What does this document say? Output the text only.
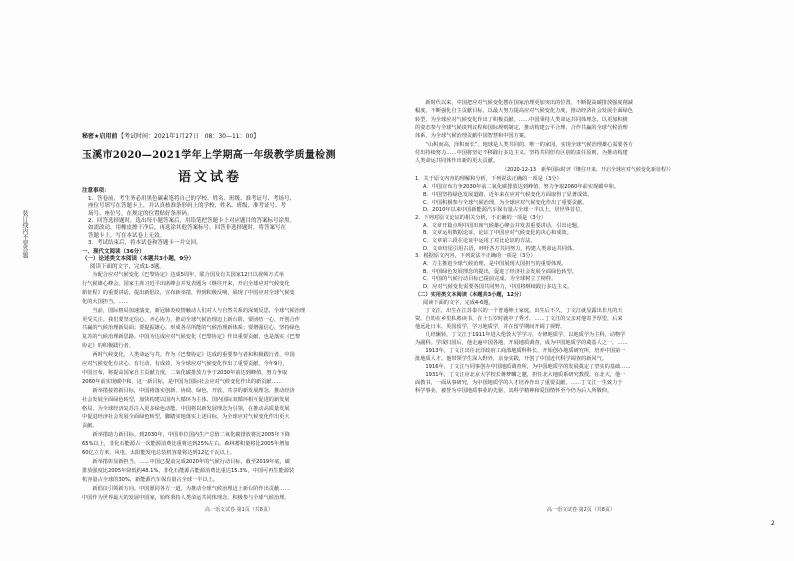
装订线内不要答题
秘密★启用前 【考试时间：2021年1月27日　08：30—11：00】
玉溪市2020—2021学年上学期高一年级教学质量检测
语文试卷
注意事项：
1．答卷前，考生务必用黑色碳素笔将自己的学校、姓名、班级、准考证号、考场号、
座位号填写在答题卡上，并认真核准条形码上的学校、姓名、班级、准考证号、考
场号、座位号，在规定的位置贴好条形码。
2．回答选择题时，选出每小题答案后，用铅笔把答题卡上对应题目的答案标号涂黑。
如需改动，用橡皮擦干净后，再选涂其他答案标号。回答非选择题时，将答案写在
答题卡上，写在本试卷上无效。
3．考试结束后，将本试卷和答题卡一并交回。
一、现代文阅读（36分）
（一）论述类文本阅读（本题共3小题，9分）
阅读下面的文字，完成1-3题。
　　为配合应对气候变化《巴黎协定》达成5周年，联合国及有关国家12日以视频方式举
行气候雄心峰会。国家主席习近平出席峰会并发表题为《继往开来，开启全球应对气候变化
新征程》的重要讲话，提出新倡议，宣布新举措，得到积极反响，展现了中国应对全球气候变
化的大国担当。……
　　当前，国际格局加速演变，新冠肺炎疫情触动人们对人与自然关系的深刻反思，全球气候治理
更受关注。我们要坚定信心，齐心协力，推动全球气候治理迈上新台阶，要团结一心，开创合作
共赢的气候治理新局面；要提振雄心，形成各尽所能的气候治理新体系；要增强信心，坚持绿色
复苏的气候治理新思路。中国为达成应对气候变化《巴黎协定》作出重要贡献，也是落实《巴黎
协定》的积极践行者。
　　两时气候变化，人类命运与共。作为《巴黎协定》达成的重要参与者和积极践行者，中国
应对气候变化有决心、有行动、有成效，为全球应对气候变化作出了重要贡献。今年9月，
中国宣布，将提高国家自主贡献力度，二氧化碳排放力争于2030年前达到峰值，努力争取
2060年前实现碳中和。这一新目标，是中国为国际社会应对气候变化作出的新贡献……
　　新举措接着新目标，中国将落实创新、协调、绿色、开放、共享的新发展理念，推动经济
社会发展全面绿色转型，加快构建以国内大循环为主体、国内国际双循环相互促进的新发展
格局，为全球经济复苏注入更多绿色动能。中国将以新发展理念为引领，在推动高质量发展
中促进经济社会发展全面绿色转型，脚踏实地落实上述目标，为全球应对气候变化作出更大
贡献。
　　新举措助力新目标。到2030年，中国单位国内生产总值二氧化碳排放将比2005年下降
65%以上，非化石能源占一次能源消费比重将达到25%左右，森林蓄积量将比2005年增加
60亿立方米，风电、太阳能发电总装机容量将达到12亿千瓦以上。
　　新举措彰显新担当。……中国已提前完成2020年的气候行动目标，截至2019年底，碳
排放强度比2005年降低约48.1%，非化石能源占能源消费比重达15.3%，中国可再生能源装
机容量占全球的30%，新能源汽车保有量占全球一半以上。
　　新倡议引领新方向。中国愿同各方一道，为推动全球气候治理迈上新台阶作出贡献……
中国作为世界最大的发展中国家，始终秉持人类命运共同体理念，积极参与全球气候治理。
高一语文试卷·第1页（共8页）
　　新时代以来，中国把应对气候变化摆在国家治理更加突出的位置，不断提高碳排放强度削减
幅度，不断强化自主贡献目标，以最大努力提高应对气候变化力度，推动经济社会发展全面绿色
转型，为全球应对气候变化作出了积极贡献。……中国秉持人类命运共同体理念，以更加积极
的姿态参与全球气候谈判议程和国际规则制定，推动构建公平合理、合作共赢的全球气候治理
体系，为全球气候治理贡献中国智慧和中国方案。
　　“山积而高，泽积而长”。地球是人类共同的、唯一的家园，实现全球气候治理雄心需要各方
付出持续努力……中国将坚定不移践行多边主义，坚持共同但有区别的责任原则，为推动构建
人类命运共同体作出新的更大贡献。
（2020-12-13　新华国际时评《继往开来，开启全球应对气候变化新征程》）
1．关于原文内容的理解和分析，下列说法正确的一项是（3分）
A．中国宣布力争2030年前二氧化碳排放达到峰值，努力争取2060年前实现碳中和。
B．中国坚持绿色发展道路，近年来在应对气候变化方面取得了显著成效。
C．中国积极参与全球气候治理，为全球应对气候变化作出了重要贡献。
D．2010年以来中国新能源汽车保有量占全球一半以上，居世界首位。
2．下列对原文论证的相关分析，不正确的一项是（3分）
A．文章开篇点明中国出席气候雄心峰会并发表重要讲话，引出论题。
B．文章运用数据论证，论证了中国应对气候变化的决心和成效。
C．文章第三段在论证中运用了对比论证的方法。
D．文章结尾引用古语，呼吁各方共同努力，构建人类命运共同体。
3．根据原文内容，下列说法不正确的一项是（3分）
A．力主推进全球气候治理，是中国展现大国担当的重要体现。
B．中国绿色发展理念的提出，促进了经济社会发展全面绿色转型。
C．中国的气候行动目标已提前完成，为全球树立了榜样。
D．应对气候变化需要各国共同努力，中国将继续践行多边主义。
（二）实用类文本阅读（本题共3小题，12分）
阅读下面的文字，完成4-6题。
　　丁文江，出生在江苏泰兴的一个普通绅士家庭，出生后不久，丁文江就显露出非凡的天
资。自幼在乡里私塾读书，在十五岁时就中了秀才。……丁文江的父亲对他寄予厚望，后来
他远赴日本、英国留学，学习地质学，并在留学期间开阔了视野。
　　几经辗转，丁文江于1911年进入伦敦大学学习，专修地质学，以地质学为主科，动物学
为副科。学成归国后，他走遍中国各地，开展地质调查，成为中国地质学的奠基人之一。……
　　1913年，丁文江出任北洋政府工商部地质科科长，开始创办地质研究所，培养中国第一
批地质人才。他带领学生深入野外，亲身实践，开创了中国近代科学调查的新风气。
　　1916年，丁文江与同事创办中国地质调查所，为中国地质学的发展奠定了坚实的基础……
　　1931年，丁文江应北京大学校长蒋梦麟之邀，担任北大地质系研究教授。在北大，他一
面教书，一面从事研究，为中国地质学的人才培养作出了重要贡献。……丁文江一生致力于
科学事业，被誉为中国地质事业的先驱，其科学精神和爱国情怀至今仍为后人所敬仰。
高一语文试卷·第2页（共8页）
2
